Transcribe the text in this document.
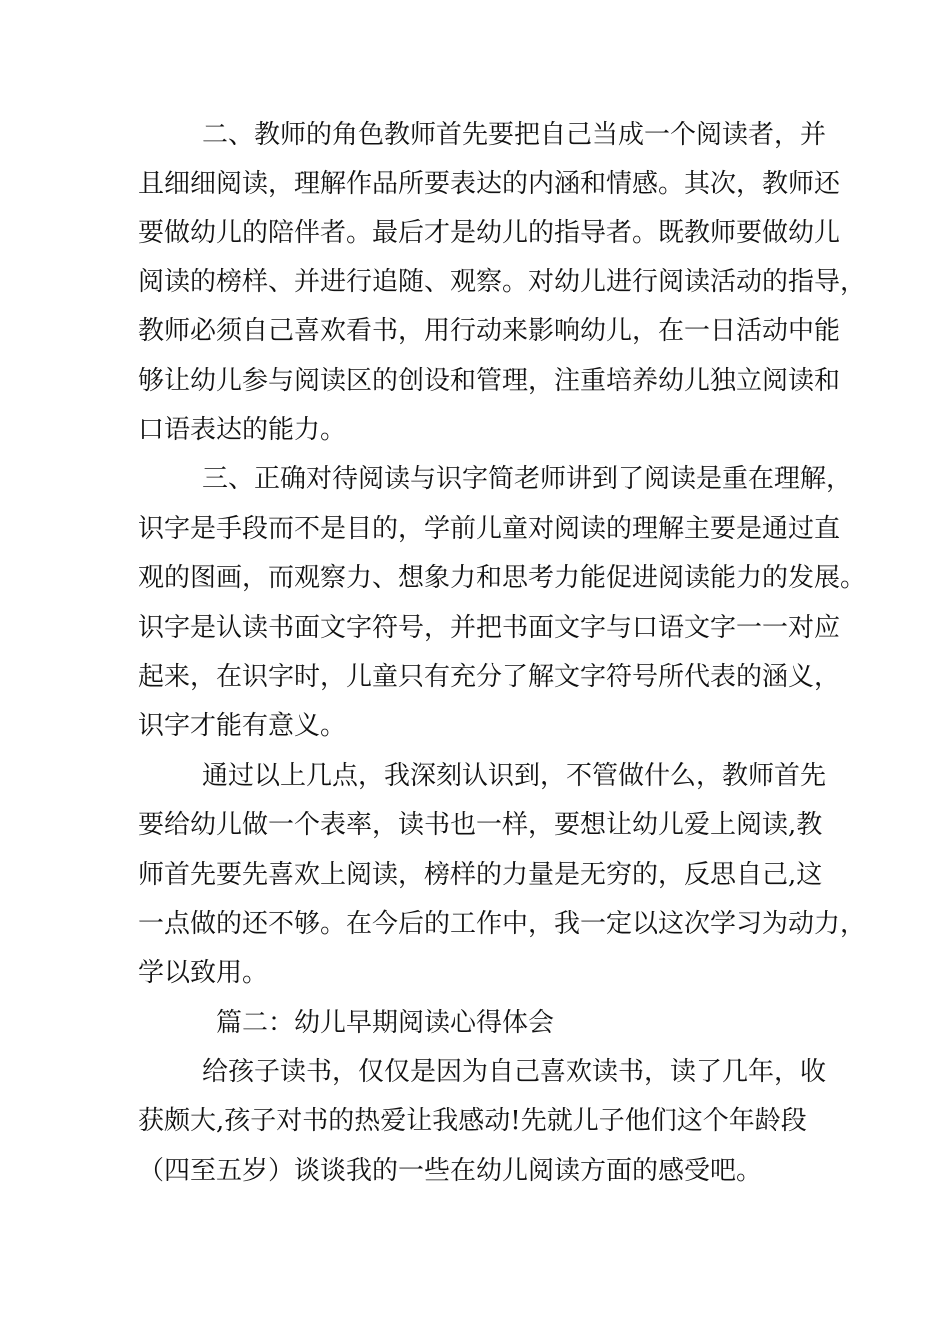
二、教师的角色教师首先要把自己当成一个阅读者，并
且细细阅读，理解作品所要表达的内涵和情感。其次，教师还
要做幼儿的陪伴者。最后才是幼儿的指导者。既教师要做幼儿
阅读的榜样、并进行追随、观察。对幼儿进行阅读活动的指导，
教师必须自己喜欢看书，用行动来影响幼儿，在一日活动中能
够让幼儿参与阅读区的创设和管理，注重培养幼儿独立阅读和
口语表达的能力。
三、正确对待阅读与识字简老师讲到了阅读是重在理解，
识字是手段而不是目的，学前儿童对阅读的理解主要是通过直
观的图画，而观察力、想象力和思考力能促进阅读能力的发展。
识字是认读书面文字符号，并把书面文字与口语文字一一对应
起来，在识字时，儿童只有充分了解文字符号所代表的涵义，
识字才能有意义。
通过以上几点，我深刻认识到，不管做什么，教师首先
要给幼儿做一个表率，读书也一样，要想让幼儿爱上阅读,教
师首先要先喜欢上阅读，榜样的力量是无穷的，反思自己,这
一点做的还不够。在今后的工作中，我一定以这次学习为动力，
学以致用。
篇二：幼儿早期阅读心得体会
给孩子读书，仅仅是因为自己喜欢读书，读了几年，收
获颇大,孩子对书的热爱让我感动!先就儿子他们这个年龄段
（四至五岁）谈谈我的一些在幼儿阅读方面的感受吧。
